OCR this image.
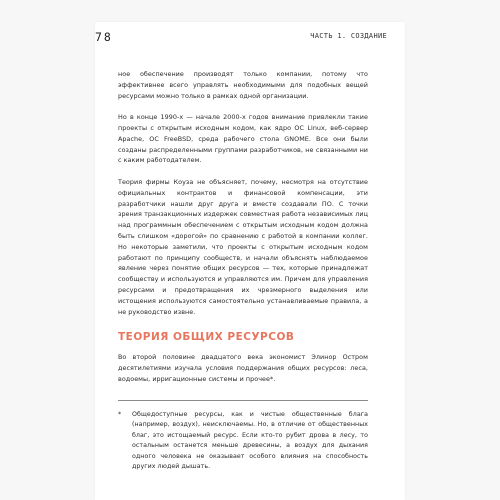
78	ЧАСТЬ 1. СОЗДАНИЕ

ное обеспечение производят только компании, потому что эффективнее всего управлять необходимыми для подобных вещей ресурсами можно только в рамках одной организации.

Но в конце 1990-х — начале 2000-х годов внимание привлекли такие проекты с открытым исходным кодом, как ядро ОС Linux, веб-сервер Apache, ОС FreeBSD, среда рабочего стола GNOME. Все они были созданы распределенными группами разработчиков, не связанными ни с каким работодателем.

Теория фирмы Коуза не объясняет, почему, несмотря на отсутствие официальных контрактов и финансовой компенсации, эти разработчики нашли друг друга и вместе создавали ПО. С точки зрения транзакционных издержек совместная работа независимых лиц над программным обеспечением с открытым исходным кодом должна быть слишком «дорогой» по сравнению с работой в компании коллег. Но некоторые заметили, что проекты с открытым исходным кодом работают по принципу сообществ, и начали объяснять наблюдаемое явление через понятие общих ресурсов — тех, которые принадлежат сообществу и используются и управляются им. Причем для управления ресурсами и предотвращения их чрезмерного выделения или истощения используются самостоятельно устанавливаемые правила, а не руководство извне.

ТЕОРИЯ ОБЩИХ РЕСУРСОВ

Во второй половине двадцатого века экономист Элинор Остром десятилетиями изучала условия поддержания общих ресурсов: леса, водоемы, ирригационные системы и прочее*.

* Общедоступные ресурсы, как и чистые общественные блага (например, воздух), неисключаемы. Но, в отличие от общественных благ, это истощаемый ресурс. Если кто-то рубит дрова в лесу, то остальным останется меньше древесины, а воздух для дыхания одного человека не оказывает особого влияния на способность других людей дышать.
